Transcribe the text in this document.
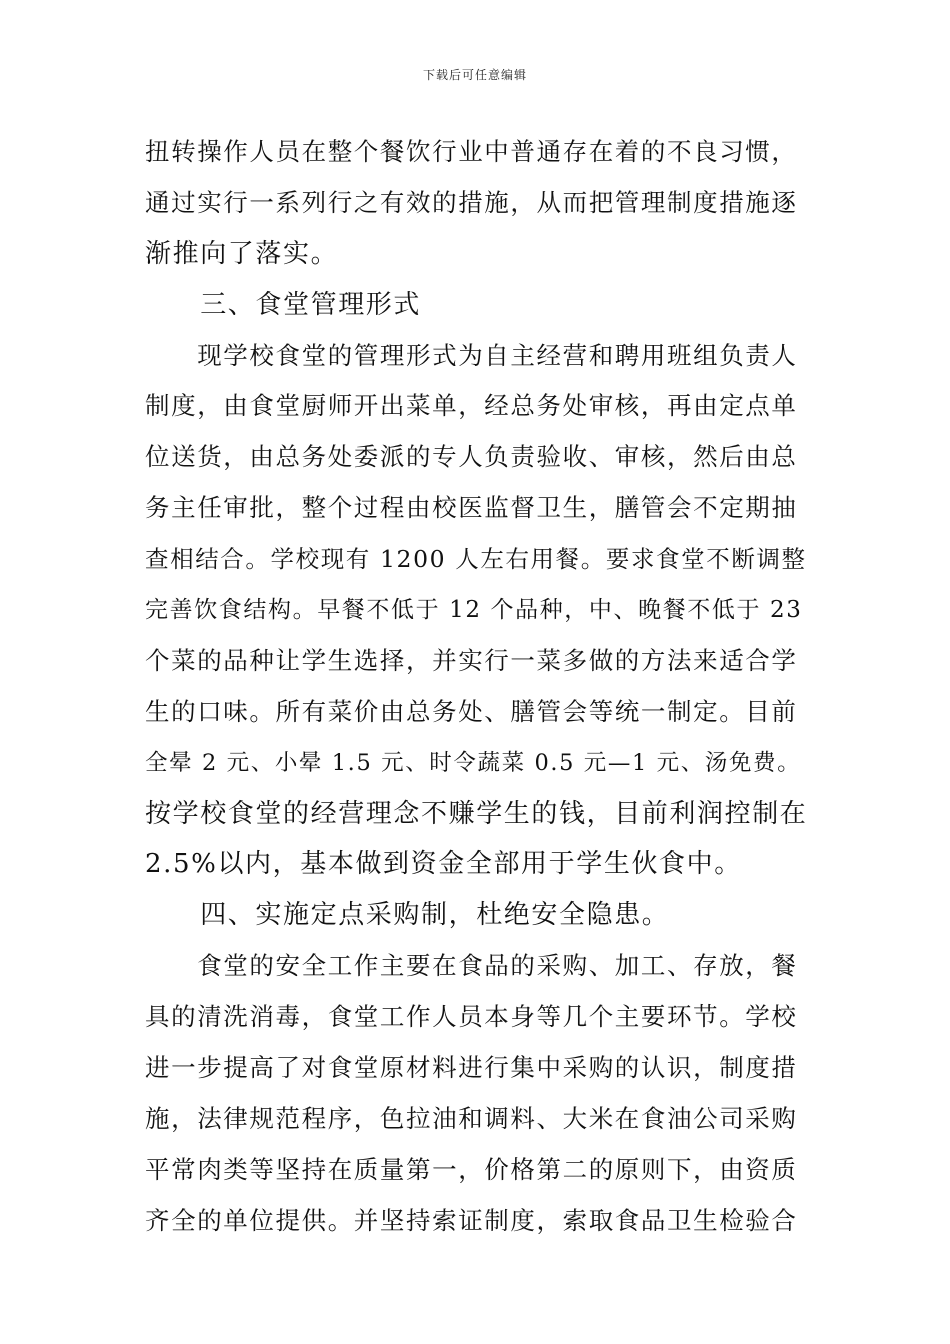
下载后可任意编辑
扭转操作人员在整个餐饮行业中普通存在着的不良习惯，
通过实行一系列行之有效的措施，从而把管理制度措施逐
渐推向了落实。
　　三、食堂管理形式
　　现学校食堂的管理形式为自主经营和聘用班组负责人
制度，由食堂厨师开出菜单，经总务处审核，再由定点单
位送货，由总务处委派的专人负责验收、审核，然后由总
务主任审批，整个过程由校医监督卫生，膳管会不定期抽
查相结合。学校现有 1200 人左右用餐。要求食堂不断调整
完善饮食结构。早餐不低于 12 个品种，中、晚餐不低于 23
个菜的品种让学生选择，并实行一菜多做的方法来适合学
生的口味。所有菜价由总务处、膳管会等统一制定。目前
全晕 2 元、小晕 1.5 元、时令蔬菜 0.5 元—1 元、汤免费。
按学校食堂的经营理念不赚学生的钱，目前利润控制在
2.5%以内，基本做到资金全部用于学生伙食中。
　　四、实施定点采购制，杜绝安全隐患。
　　食堂的安全工作主要在食品的采购、加工、存放，餐
具的清洗消毒，食堂工作人员本身等几个主要环节。学校
进一步提高了对食堂原材料进行集中采购的认识，制度措
施，法律规范程序，色拉油和调料、大米在食油公司采购
平常肉类等坚持在质量第一，价格第二的原则下，由资质
齐全的单位提供。并坚持索证制度，索取食品卫生检验合
